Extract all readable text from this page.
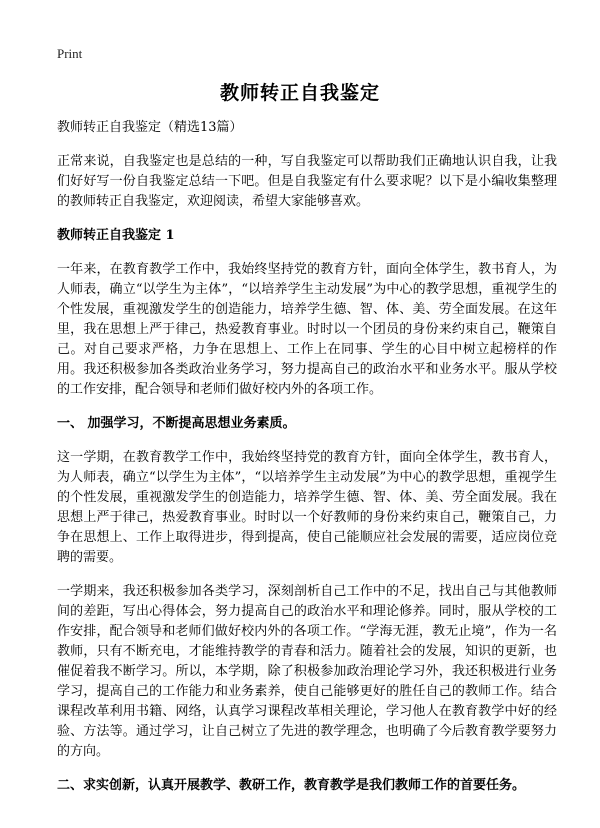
Print
教师转正自我鉴定

教师转正自我鉴定（精选13篇）

正常来说，自我鉴定也是总结的一种，写自我鉴定可以帮助我们正确地认识自我，让我们好好写一份自我鉴定总结一下吧。但是自我鉴定有什么要求呢？以下是小编收集整理的教师转正自我鉴定，欢迎阅读，希望大家能够喜欢。

教师转正自我鉴定 1

一年来，在教育教学工作中，我始终坚持党的教育方针，面向全体学生，教书育人，为人师表，确立“以学生为主体”，“以培养学生主动发展”为中心的教学思想，重视学生的个性发展，重视激发学生的创造能力，培养学生德、智、体、美、劳全面发展。在这年里，我在思想上严于律己，热爱教育事业。时时以一个团员的身份来约束自己，鞭策自己。对自己要求严格，力争在思想上、工作上在同事、学生的心目中树立起榜样的作用。我还积极参加各类政治业务学习，努力提高自己的政治水平和业务水平。服从学校的工作安排，配合领导和老师们做好校内外的各项工作。

一、 加强学习，不断提高思想业务素质。

这一学期，在教育教学工作中，我始终坚持党的教育方针，面向全体学生，教书育人，为人师表，确立“以学生为主体”，“以培养学生主动发展”为中心的教学思想，重视学生的个性发展，重视激发学生的创造能力，培养学生德、智、体、美、劳全面发展。我在思想上严于律己，热爱教育事业。时时以一个好教师的身份来约束自己，鞭策自己，力争在思想上、工作上取得进步，得到提高，使自己能顺应社会发展的需要，适应岗位竞聘的需要。

一学期来，我还积极参加各类学习，深刻剖析自己工作中的不足，找出自己与其他教师间的差距，写出心得体会，努力提高自己的政治水平和理论修养。同时，服从学校的工作安排，配合领导和老师们做好校内外的各项工作。“学海无涯，教无止境”，作为一名教师，只有不断充电，才能维持教学的青春和活力。随着社会的发展，知识的更新，也催促着我不断学习。所以，本学期，除了积极参加政治理论学习外，我还积极进行业务学习，提高自己的工作能力和业务素养，使自己能够更好的胜任自己的教师工作。结合课程改革利用书籍、网络，认真学习课程改革相关理论，学习他人在教育教学中好的经验、方法等。通过学习，让自己树立了先进的教学理念，也明确了今后教育教学要努力的方向。

二、求实创新，认真开展教学、教研工作，教育教学是我们教师工作的首要任务。
